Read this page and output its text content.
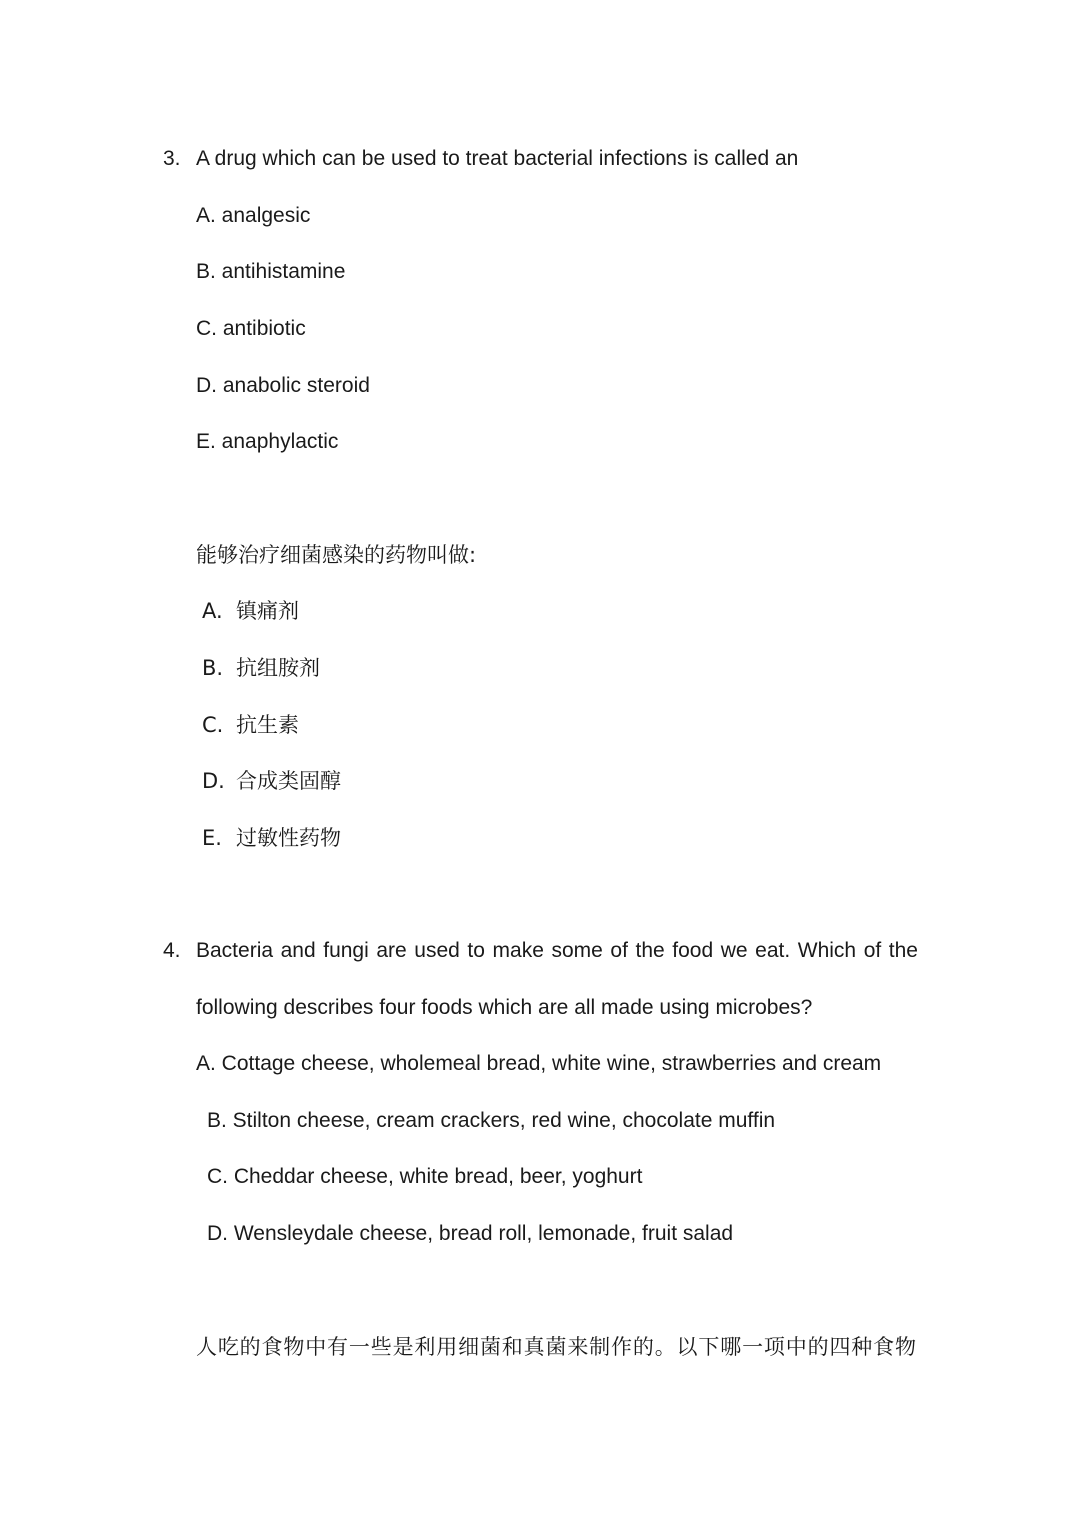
3. A drug which can be used to treat bacterial infections is called an

A. analgesic

B. antihistamine

C. antibiotic

D. anabolic steroid

E. anaphylactic

能够治疗细菌感染的药物叫做:

A. 镇痛剂

B. 抗组胺剂

C. 抗生素

D. 合成类固醇

E. 过敏性药物

4. Bacteria and fungi are used to make some of the food we eat. Which of the

following describes four foods which are all made using microbes?

A. Cottage cheese, wholemeal bread, white wine, strawberries and cream

B. Stilton cheese, cream crackers, red wine, chocolate muffin

C. Cheddar cheese, white bread, beer, yoghurt

D. Wensleydale cheese, bread roll, lemonade, fruit salad

人吃的食物中有一些是利用细菌和真菌来制作的。以下哪一项中的四种食物
